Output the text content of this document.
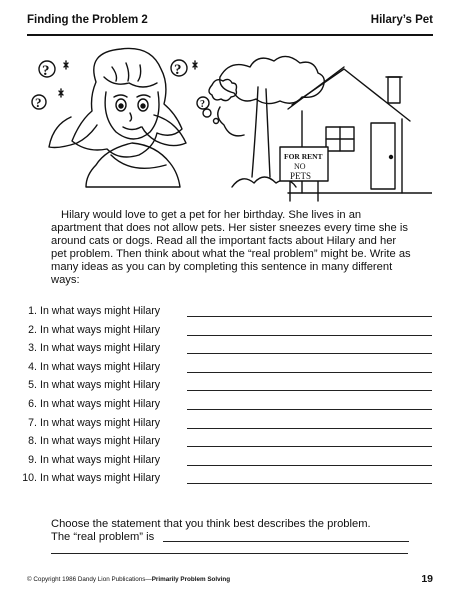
Finding the Problem 2	Hilary’s Pet
?
?
?
?
FOR RENT
NO
PETS

Hilary would love to get a pet for her birthday. She lives in an apartment that does not allow pets. Her sister sneezes every time she is around cats or dogs. Read all the important facts about Hilary and her pet problem. Then think about what the “real problem” might be. Write as many ideas as you can by completing this sentence in many different ways:

1. In what ways might Hilary
2. In what ways might Hilary
3. In what ways might Hilary
4. In what ways might Hilary
5. In what ways might Hilary
6. In what ways might Hilary
7. In what ways might Hilary
8. In what ways might Hilary
9. In what ways might Hilary
10. In what ways might Hilary
Choose the statement that you think best describes the problem.
The “real problem” is
© Copyright 1986 Dandy Lion Publications—Primarily Problem Solving	19
